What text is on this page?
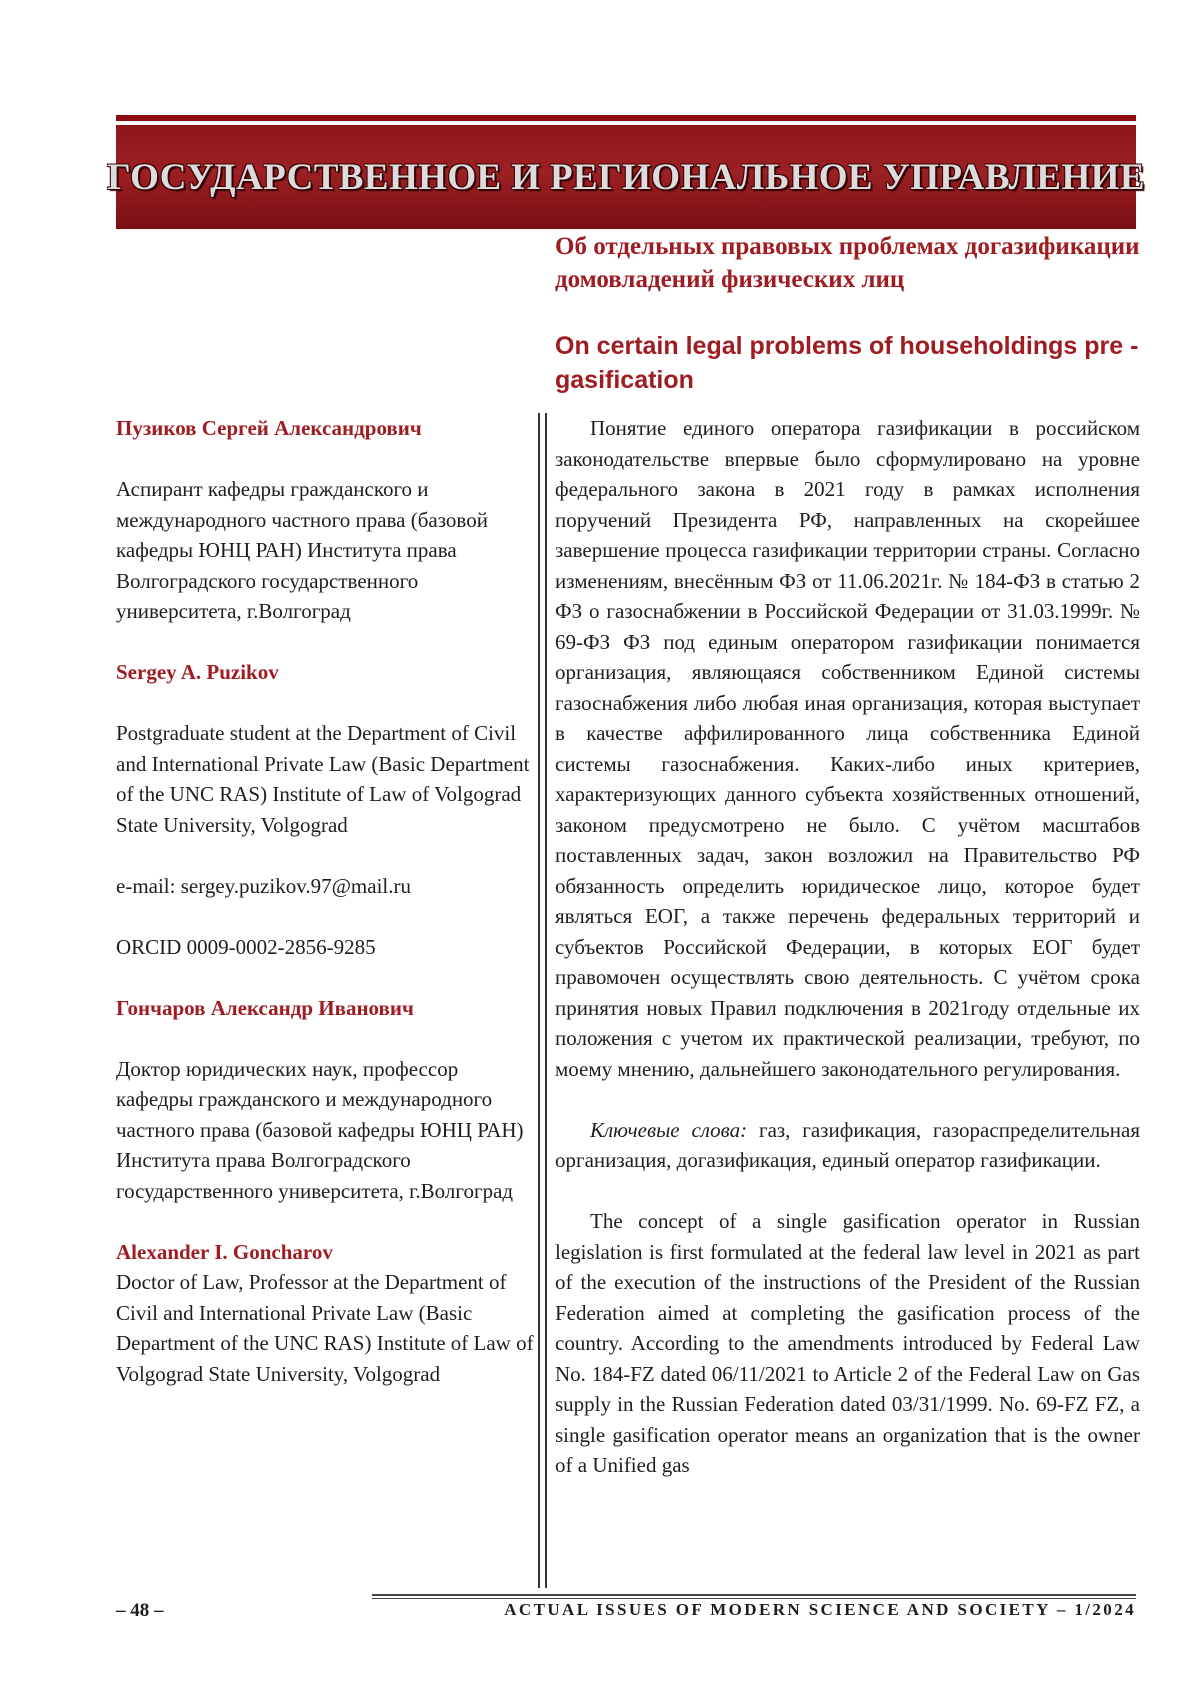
ГОСУДАРСТВЕННОЕ И РЕГИОНАЛЬНОЕ УПРАВЛЕНИЕ

Об отдельных правовых проблемах догазификации домовладений физических лиц

On certain legal problems of householdings pre -gasification

Пузиков Сергей Александрович

Аспирант кафедры гражданского и международного частного права (базовой кафедры ЮНЦ РАН) Института права Волгоградского государственного университета, г.Волгоград

Sergey A. Puzikov

Postgraduate student at the Department of Civil and International Private Law (Basic Department of the UNC RAS) Institute of Law of Volgograd State University, Volgograd

e-mail: sergey.puzikov.97@mail.ru

ORCID 0009-0002-2856-9285

Гончаров Александр Иванович

Доктор юридических наук, профессор кафедры гражданского и международного частного права (базовой кафедры ЮНЦ РАН) Института права Волгоградского государственного университета, г.Волгоград

Alexander I. Goncharov

Doctor of Law, Professor at the Department of Civil and International Private Law (Basic Department of the UNC RAS) Institute of Law of Volgograd State University, Volgograd

Понятие единого оператора газификации в российском законодательстве впервые было сформулировано на уровне федерального закона в 2021 году в рамках исполнения поручений Президента РФ, направленных на скорейшее завершение процесса газификации территории страны. Согласно изменениям, внесённым ФЗ от 11.06.2021г. № 184-ФЗ в статью 2 ФЗ о газоснабжении в Российской Федерации от 31.03.1999г. № 69-ФЗ ФЗ под единым оператором газификации понимается организация, являющаяся собственником Единой системы газоснабжения либо любая иная организация, которая выступает в качестве аффилированного лица собственника Единой системы газоснабжения. Каких-либо иных критериев, характеризующих данного субъекта хозяйственных отношений, законом предусмотрено не было. С учётом масштабов поставленных задач, закон возложил на Правительство РФ обязанность определить юридическое лицо, которое будет являться ЕОГ, а также перечень федеральных территорий и субъектов Российской Федерации, в которых ЕОГ будет правомочен осуществлять свою деятельность. С учётом срока принятия новых Правил подключения в 2021году отдельные их положения с учетом их практической реализации, требуют, по моему мнению, дальнейшего законодательного регулирования.

Ключевые слова: газ, газификация, газораспределительная организация, догазификация, единый оператор газификации.

The concept of a single gasification operator in Russian legislation is first formulated at the federal law level in 2021 as part of the execution of the instructions of the President of the Russian Federation aimed at completing the gasification process of the country. According to the amendments introduced by Federal Law No. 184-FZ dated 06/11/2021 to Article 2 of the Federal Law on Gas supply in the Russian Federation dated 03/31/1999. No. 69-FZ FZ, a single gasification operator means an organization that is the owner of a Unified gas

– 48 –	ACTUAL ISSUES OF MODERN SCIENCE AND SOCIETY – 1/2024
